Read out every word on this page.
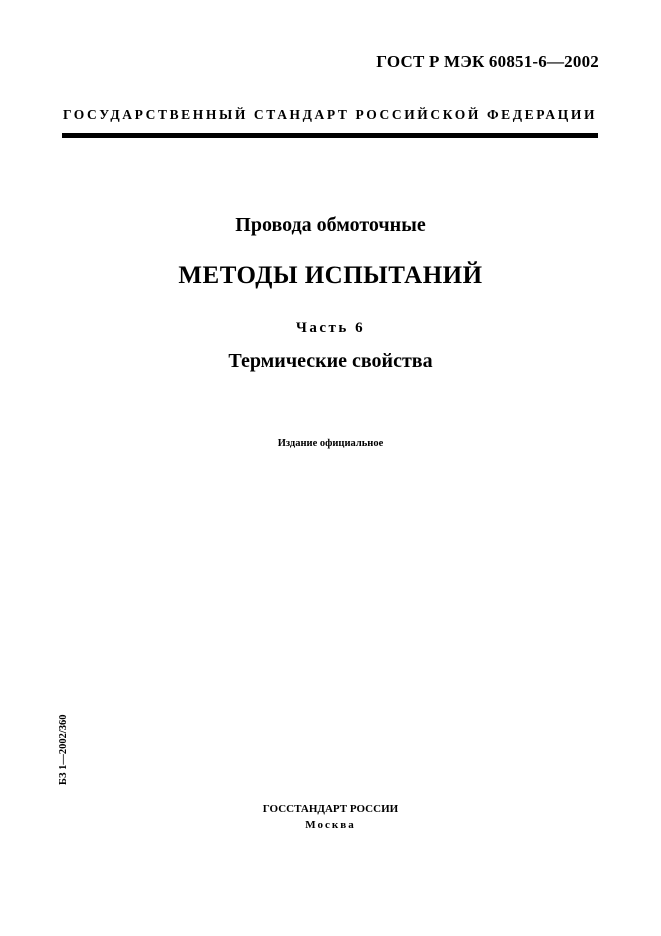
ГОСТ Р МЭК 60851-6—2002
ГОСУДАРСТВЕННЫЙ СТАНДАРТ РОССИЙСКОЙ ФЕДЕРАЦИИ
Провода обмоточные
МЕТОДЫ ИСПЫТАНИЙ
Часть 6
Термические свойства
Издание официальное
БЗ 1—2002/360
ГОССТАНДАРТ РОССИИ
Москва
